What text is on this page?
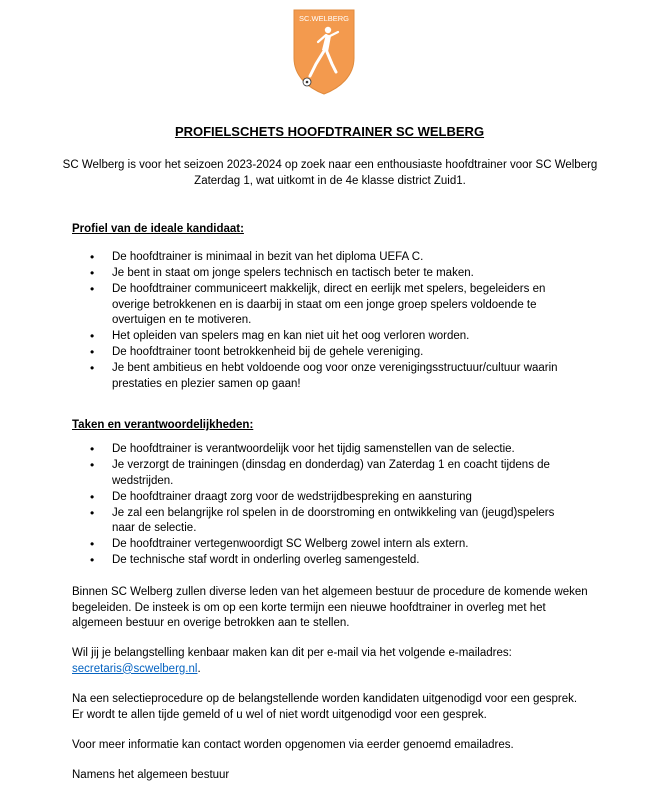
SC.WELBERG
PROFIELSCHETS HOOFDTRAINER SC WELBERG

SC Welberg is voor het seizoen 2023-2024 op zoek naar een enthousiaste hoofdtrainer voor SC Welberg Zaterdag 1, wat uitkomt in de 4e klasse district Zuid1.

Profiel van de ideale kandidaat:

• De hoofdtrainer is minimaal in bezit van het diploma UEFA C.
• Je bent in staat om jonge spelers technisch en tactisch beter te maken.
• De hoofdtrainer communiceert makkelijk, direct en eerlijk met spelers, begeleiders en overige betrokkenen en is daarbij in staat om een jonge groep spelers voldoende te overtuigen en te motiveren.
• Het opleiden van spelers mag en kan niet uit het oog verloren worden.
• De hoofdtrainer toont betrokkenheid bij de gehele vereniging.
• Je bent ambitieus en hebt voldoende oog voor onze verenigingsstructuur/cultuur waarin prestaties en plezier samen op gaan!

Taken en verantwoordelijkheden:

• De hoofdtrainer is verantwoordelijk voor het tijdig samenstellen van de selectie.
• Je verzorgt de trainingen (dinsdag en donderdag) van Zaterdag 1 en coacht tijdens de wedstrijden.
• De hoofdtrainer draagt zorg voor de wedstrijdbespreking en aansturing
• Je zal een belangrijke rol spelen in de doorstroming en ontwikkeling van (jeugd)spelers naar de selectie.
• De hoofdtrainer vertegenwoordigt SC Welberg zowel intern als extern.
• De technische staf wordt in onderling overleg samengesteld.

Binnen SC Welberg zullen diverse leden van het algemeen bestuur de procedure de komende weken begeleiden. De insteek is om op een korte termijn een nieuwe hoofdtrainer in overleg met het algemeen bestuur en overige betrokken aan te stellen.

Wil jij je belangstelling kenbaar maken kan dit per e-mail via het volgende e-mailadres:
secretaris@scwelberg.nl.

Na een selectieprocedure op de belangstellende worden kandidaten uitgenodigd voor een gesprek.
Er wordt te allen tijde gemeld of u wel of niet wordt uitgenodigd voor een gesprek.

Voor meer informatie kan contact worden opgenomen via eerder genoemd emailadres.

Namens het algemeen bestuur
